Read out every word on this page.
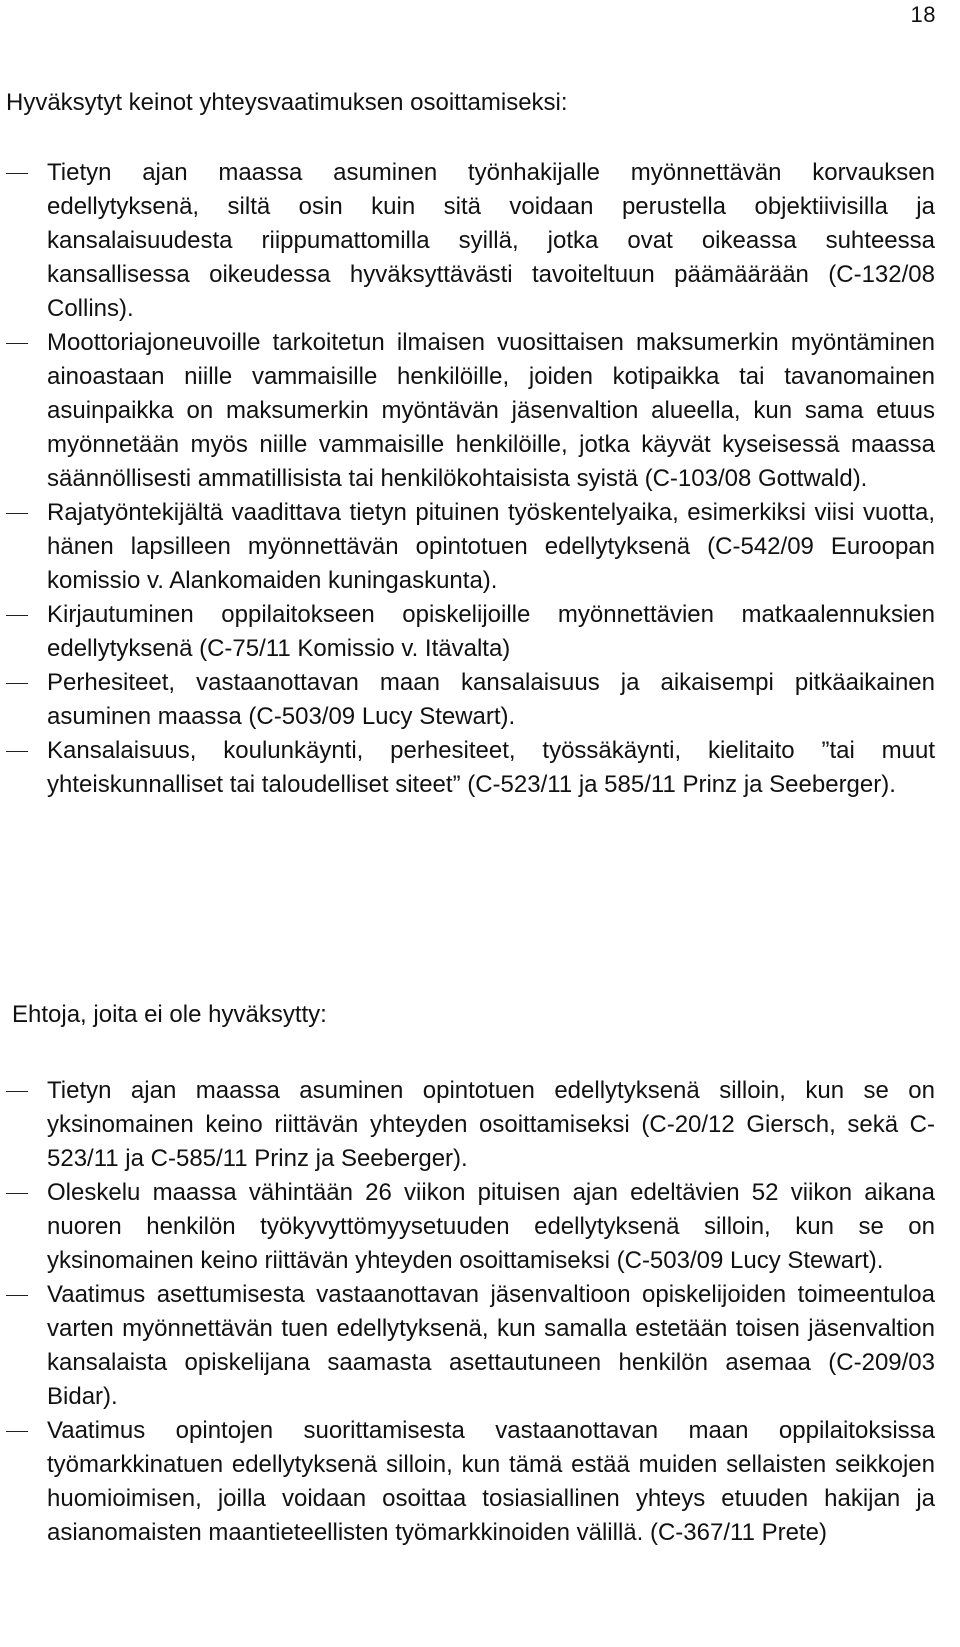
18
Hyväksytyt keinot yhteysvaatimuksen osoittamiseksi:
Tietyn ajan maassa asuminen työnhakijalle myönnettävän korvauksen edellytyksenä, siltä osin kuin sitä voidaan perustella objektiivisilla ja kansalaisuudesta riippumattomilla syillä, jotka ovat oikeassa suhteessa kansallisessa oikeudessa hyväksyttävästi tavoiteltuun päämäärään (C-132/08 Collins).
Moottoriajoneuvoille tarkoitetun ilmaisen vuosittaisen maksumerkin myöntäminen ainoastaan niille vammaisille henkilöille, joiden kotipaikka tai tavanomainen asuinpaikka on maksumerkin myöntävän jäsenvaltion alueella, kun sama etuus myönnetään myös niille vammaisille henkilöille, jotka käyvät kyseisessä maassa säännöllisesti ammatillisista tai henkilökohtaisista syistä (C-103/08 Gottwald).
Rajatyöntekijältä vaadittava tietyn pituinen työskentelyaika, esimerkiksi viisi vuotta, hänen lapsilleen myönnettävän opintotuen edellytyksenä (C-542/09 Euroopan komissio v. Alankomaiden kuningaskunta).
Kirjautuminen oppilaitokseen opiskelijoille myönnettävien matkaalennuksien edellytyksenä (C-75/11 Komissio v. Itävalta)
Perhesiteet, vastaanottavan maan kansalaisuus ja aikaisempi pitkäaikainen asuminen maassa (C-503/09 Lucy Stewart).
Kansalaisuus, koulunkäynti, perhesiteet, työssäkäynti, kielitaito ”tai muut yhteiskunnalliset tai taloudelliset siteet” (C-523/11 ja 585/11 Prinz ja Seeberger).
Ehtoja, joita ei ole hyväksytty:
Tietyn ajan maassa asuminen opintotuen edellytyksenä silloin, kun se on yksinomainen keino riittävän yhteyden osoittamiseksi (C-20/12 Giersch, sekä C-523/11 ja C-585/11 Prinz ja Seeberger).
Oleskelu maassa vähintään 26 viikon pituisen ajan edeltävien 52 viikon aikana nuoren henkilön työkyvyttömyysetuuden edellytyksenä silloin, kun se on yksinomainen keino riittävän yhteyden osoittamiseksi (C-503/09 Lucy Stewart).
Vaatimus asettumisesta vastaanottavan jäsenvaltioon opiskelijoiden toimeentuloa varten myönnettävän tuen edellytyksenä, kun samalla estetään toisen jäsenvaltion kansalaista opiskelijana saamasta asettautuneen henkilön asemaa (C-209/03 Bidar).
Vaatimus opintojen suorittamisesta vastaanottavan maan oppilaitoksissa työmarkkinatuen edellytyksenä silloin, kun tämä estää muiden sellaisten seikkojen huomioimisen, joilla voidaan osoittaa tosiasiallinen yhteys etuuden hakijan ja asianomaisten maantieteellisten työmarkkinoiden välillä. (C-367/11 Prete)
